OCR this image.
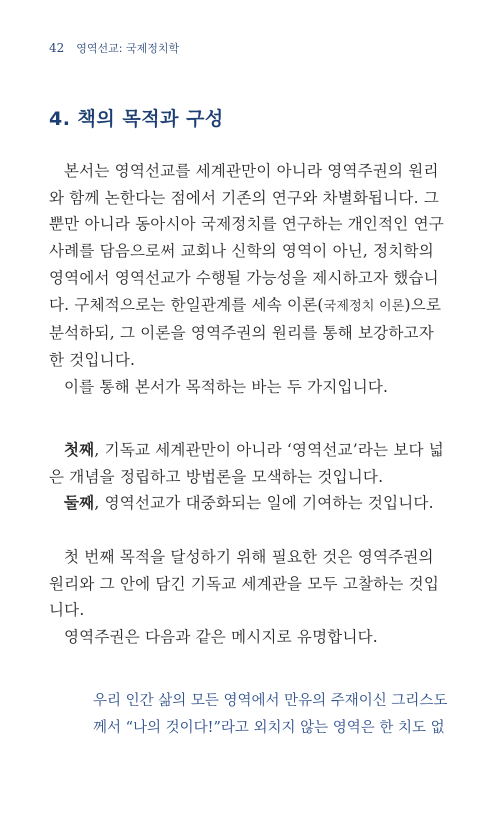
42 영역선교: 국제정치학
4. 책의 목적과 구성
본서는 영역선교를 세계관만이 아니라 영역주권의 원리
와 함께 논한다는 점에서 기존의 연구와 차별화됩니다. 그
뿐만 아니라 동아시아 국제정치를 연구하는 개인적인 연구
사례를 담음으로써 교회나 신학의 영역이 아닌, 정치학의
영역에서 영역선교가 수행될 가능성을 제시하고자 했습니
다. 구체적으로는 한일관계를 세속 이론(국제정치 이론)으로
분석하되, 그 이론을 영역주권의 원리를 통해 보강하고자
한 것입니다.
이를 통해 본서가 목적하는 바는 두 가지입니다.
첫째, 기독교 세계관만이 아니라 ‘영역선교’라는 보다 넓
은 개념을 정립하고 방법론을 모색하는 것입니다.
둘째, 영역선교가 대중화되는 일에 기여하는 것입니다.
첫 번째 목적을 달성하기 위해 필요한 것은 영역주권의
원리와 그 안에 담긴 기독교 세계관을 모두 고찰하는 것입
니다.
영역주권은 다음과 같은 메시지로 유명합니다.
우리 인간 삶의 모든 영역에서 만유의 주재이신 그리스도
께서 “나의 것이다!”라고 외치지 않는 영역은 한 치도 없
